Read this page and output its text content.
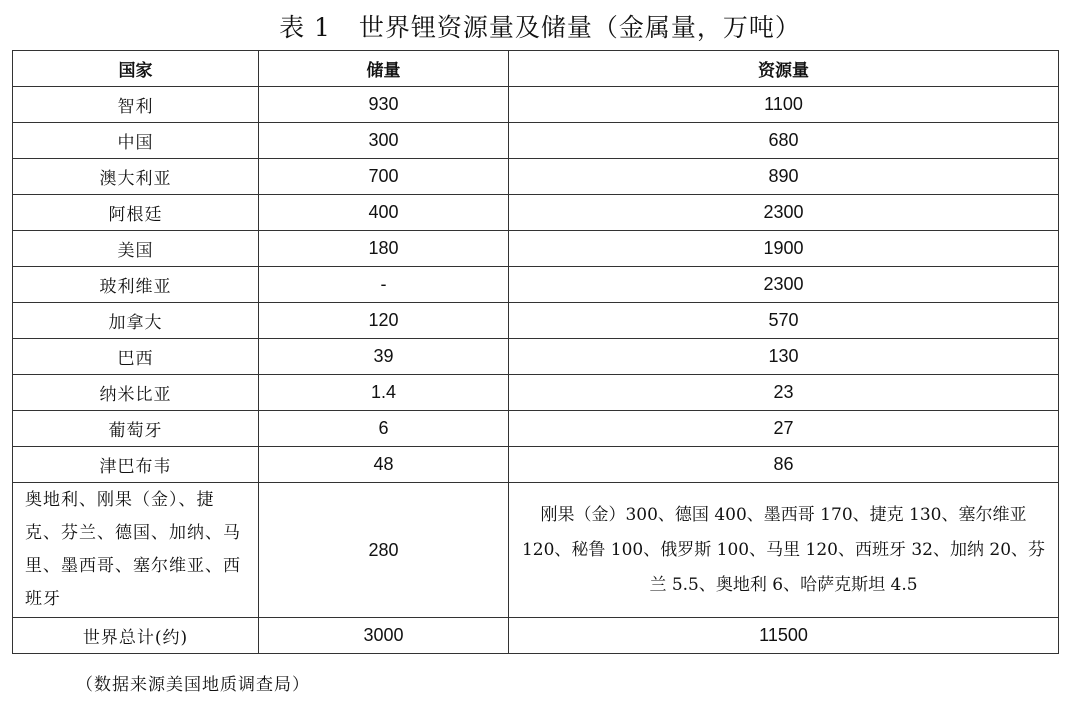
表 1 世界锂资源量及储量（金属量，万吨）
国家	储量	资源量
智利	930	1100
中国	300	680
澳大利亚	700	890
阿根廷	400	2300
美国	180	1900
玻利维亚	-	2300
加拿大	120	570
巴西	39	130
纳米比亚	1.4	23
葡萄牙	6	27
津巴布韦	48	86
奥地利、刚果（金）、捷克、芬兰、德国、加纳、马里、墨西哥、塞尔维亚、西班牙	280	刚果（金）300、德国 400、墨西哥 170、捷克 130、塞尔维亚 120、秘鲁 100、俄罗斯 100、马里 120、西班牙 32、加纳 20、芬兰 5.5、奥地利 6、哈萨克斯坦 4.5
世界总计(约)	3000	11500
（数据来源美国地质调查局）
